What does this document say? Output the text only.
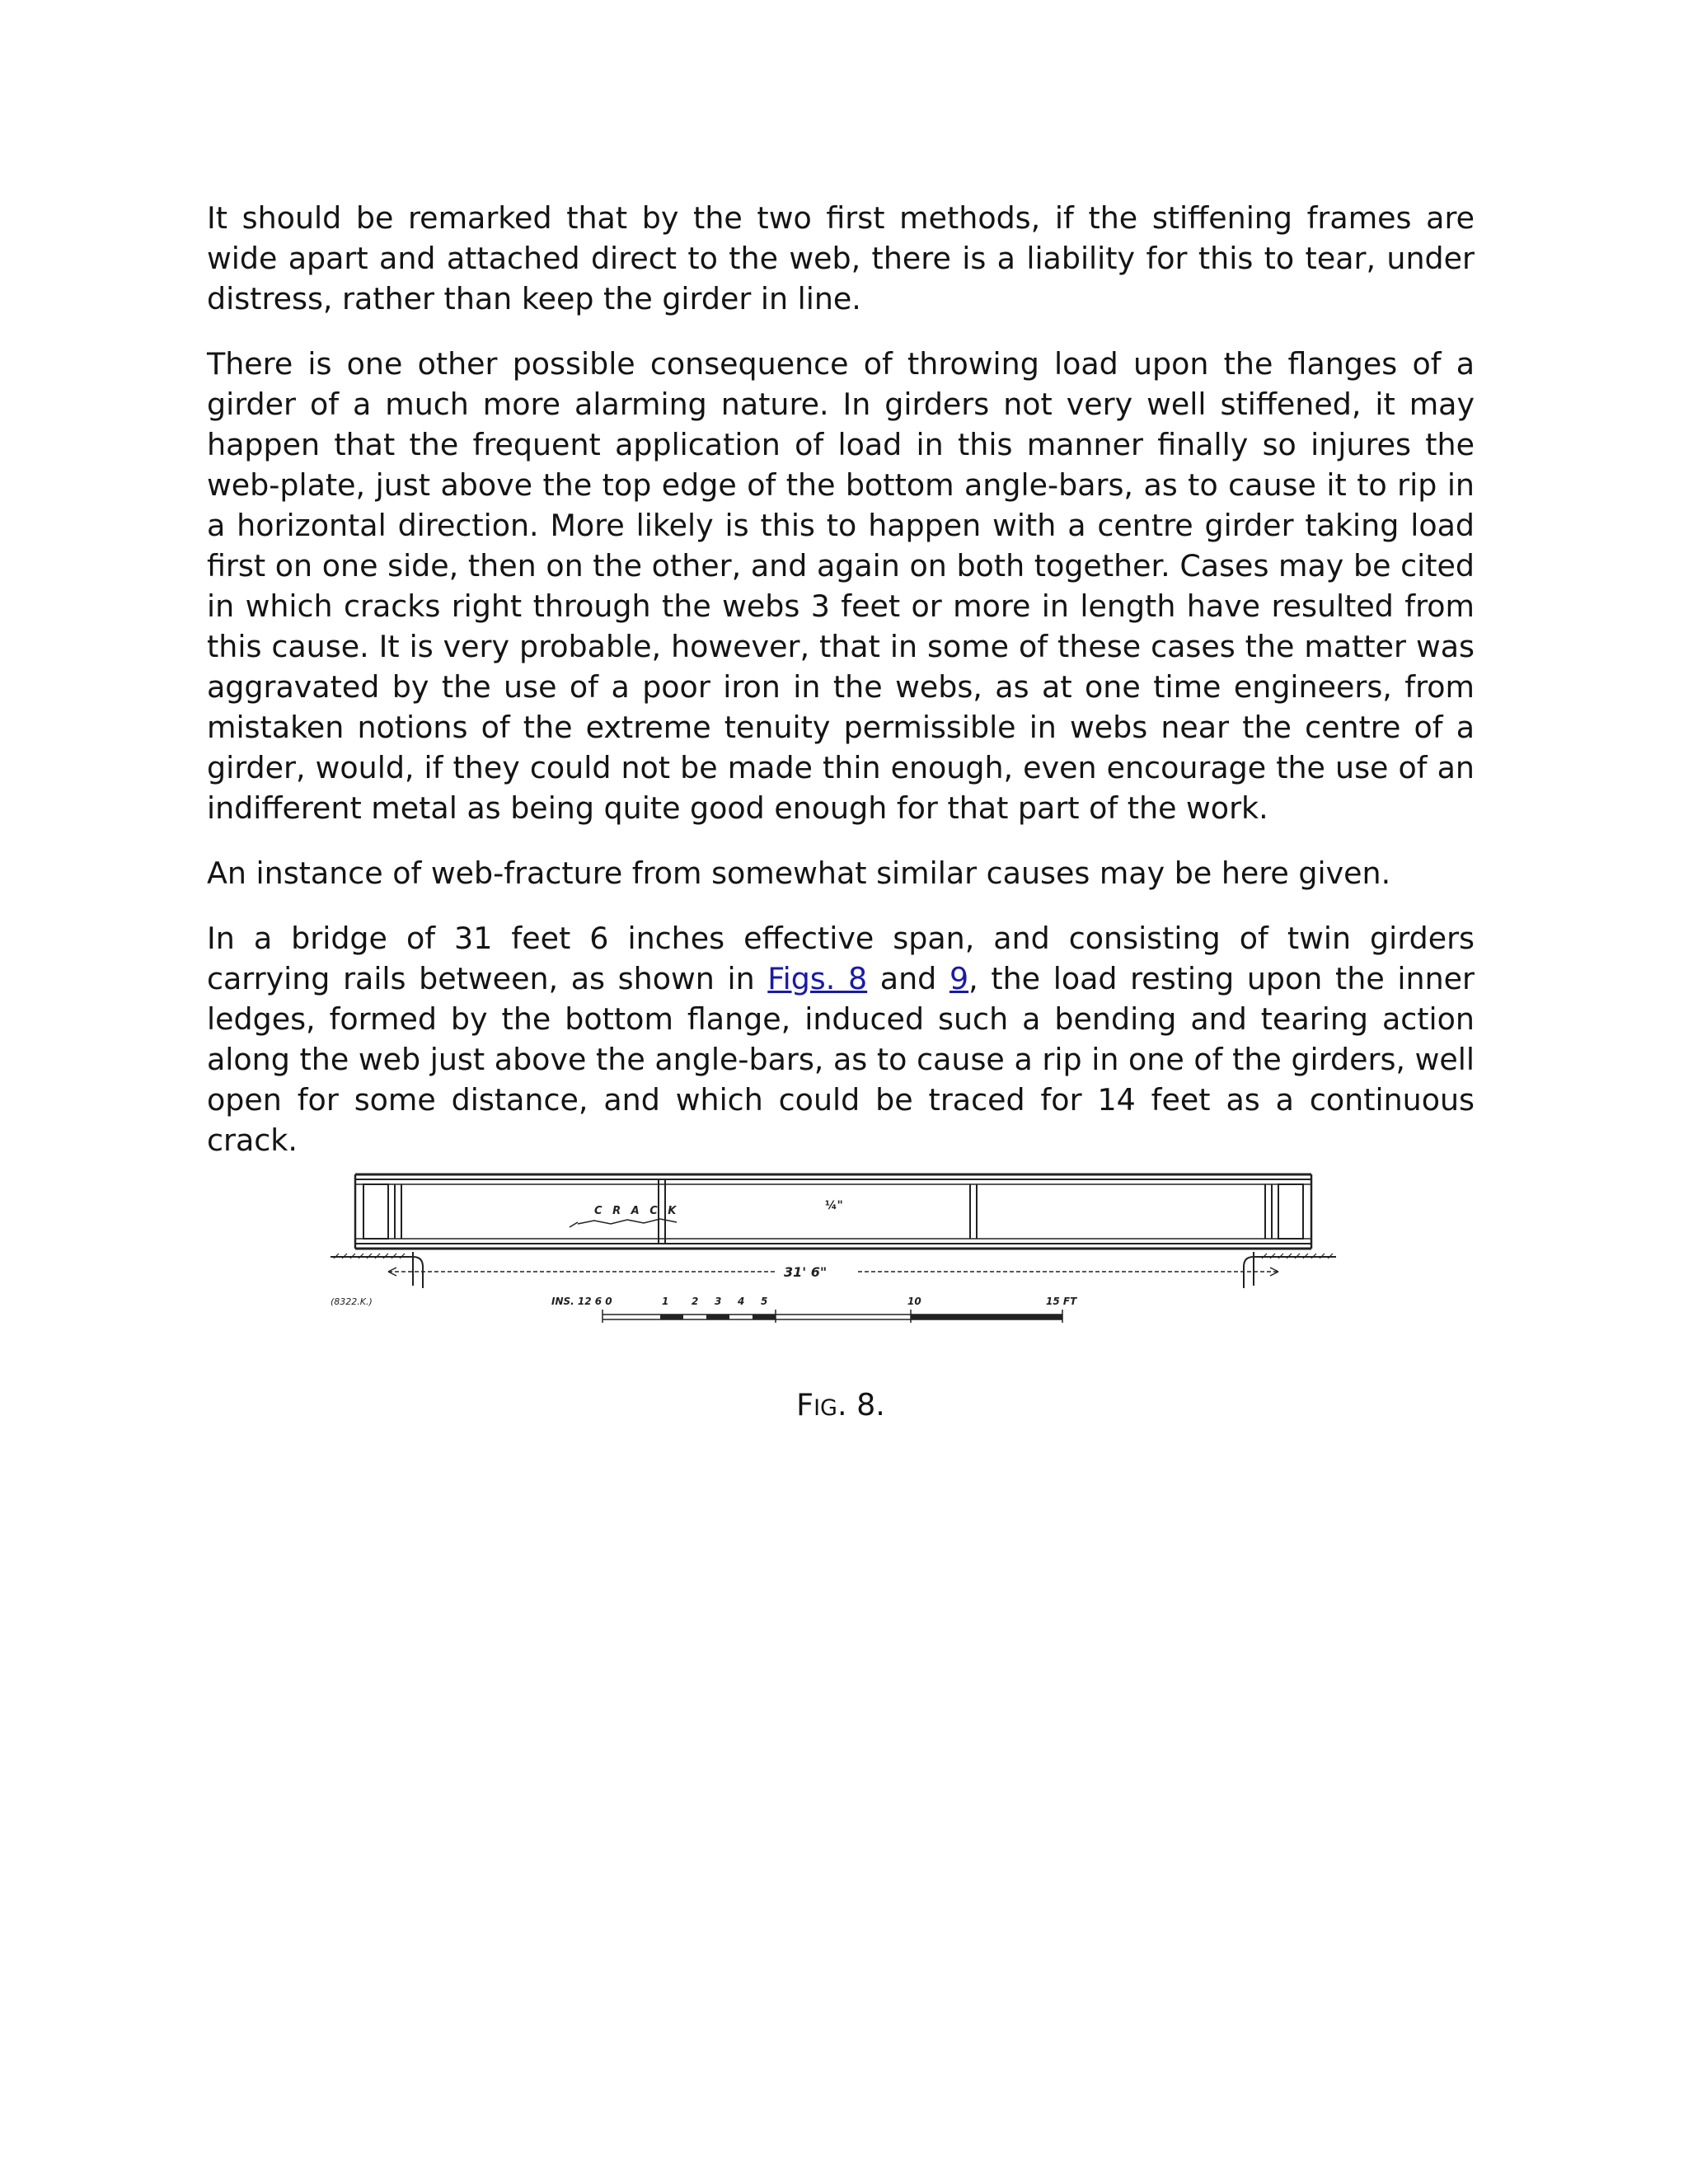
It should be remarked that by the two first methods, if the stiffening frames are wide apart and attached direct to the web, there is a liability for this to tear, under distress, rather than keep the girder in line.

There is one other possible consequence of throwing load upon the flanges of a girder of a much more alarming nature. In girders not very well stiffened, it may happen that the frequent application of load in this manner finally so injures the web-plate, just above the top edge of the bottom angle-bars, as to cause it to rip in a horizontal direction. More likely is this to happen with a centre girder taking load first on one side, then on the other, and again on both together. Cases may be cited in which cracks right through the webs 3 feet or more in length have resulted from this cause. It is very probable, however, that in some of these cases the matter was aggravated by the use of a poor iron in the webs, as at one time engineers, from mistaken notions of the extreme tenuity permissible in webs near the centre of a girder, would, if they could not be made thin enough, even encourage the use of an indifferent metal as being quite good enough for that part of the work.

An instance of web-fracture from somewhat similar causes may be here given.

In a bridge of 31 feet 6 inches effective span, and consisting of twin girders carrying rails between, as shown in Figs. 8 and 9, the load resting upon the inner ledges, formed by the bottom flange, induced such a bending and tearing action along the web just above the angle-bars, as to cause a rip in one of the girders, well open for some distance, and which could be traced for 14 feet as a continuous crack.

C R A C K	¼"
31' 6"
(8322.K.)	INS. 12 6 0	1 2 3 4 5	10	15 FT
FIG. 8.
